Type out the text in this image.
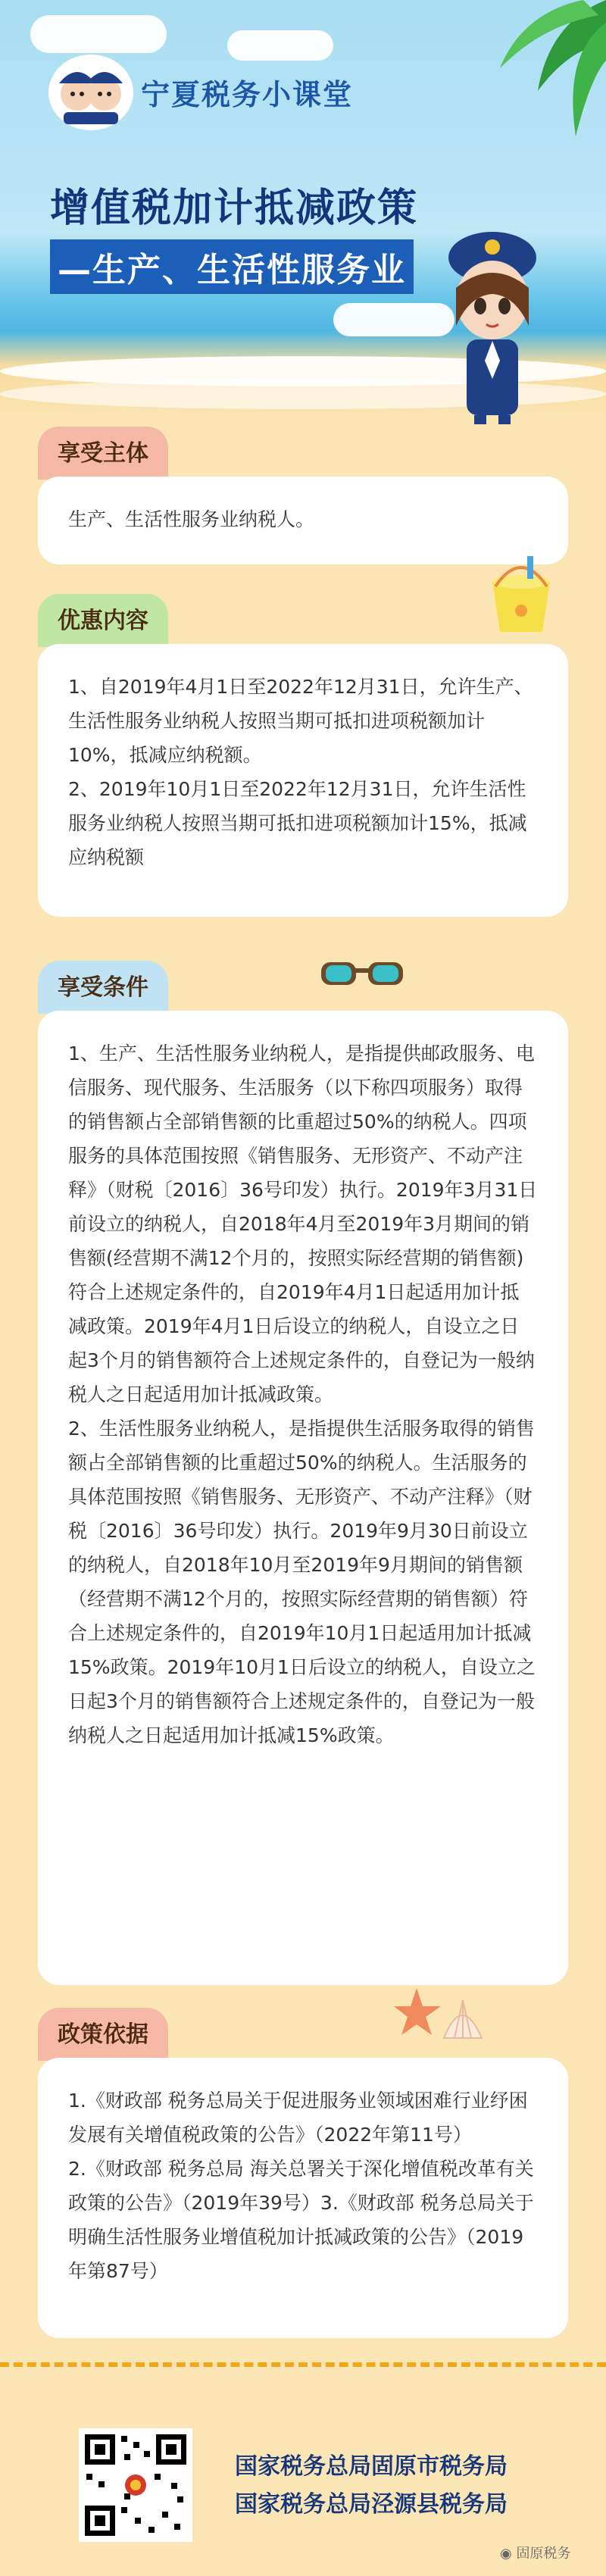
宁夏税务小课堂
增值税加计抵减政策
—生产、生活性服务业
享受主体

生产、生活性服务业纳税人。

优惠内容

1、自2019年4月1日至2022年12月31日，允许生产、生活性服务业纳税人按照当期可抵扣进项税额加计10%，抵减应纳税额。

2、2019年10月1日至2022年12月31日，允许生活性服务业纳税人按照当期可抵扣进项税额加计15%，抵减应纳税额

享受条件

1、生产、生活性服务业纳税人，是指提供邮政服务、电信服务、现代服务、生活服务（以下称四项服务）取得的销售额占全部销售额的比重超过50%的纳税人。四项服务的具体范围按照《销售服务、无形资产、不动产注释》（财税〔2016〕36号印发）执行。2019年3月31日前设立的纳税人，自2018年4月至2019年3月期间的销售额(经营期不满12个月的，按照实际经营期的销售额)符合上述规定条件的，自2019年4月1日起适用加计抵减政策。2019年4月1日后设立的纳税人，自设立之日起3个月的销售额符合上述规定条件的，自登记为一般纳税人之日起适用加计抵减政策。

2、生活性服务业纳税人，是指提供生活服务取得的销售额占全部销售额的比重超过50%的纳税人。生活服务的具体范围按照《销售服务、无形资产、不动产注释》（财税〔2016〕36号印发）执行。2019年9月30日前设立的纳税人，自2018年10月至2019年9月期间的销售额（经营期不满12个月的，按照实际经营期的销售额）符合上述规定条件的，自2019年10月1日起适用加计抵减15%政策。2019年10月1日后设立的纳税人，自设立之日起3个月的销售额符合上述规定条件的，自登记为一般纳税人之日起适用加计抵减15%政策。

政策依据

1.《财政部 税务总局关于促进服务业领域困难行业纾困发展有关增值税政策的公告》（2022年第11号）

2.《财政部 税务总局 海关总署关于深化增值税改革有关政策的公告》（2019年39号）3.《财政部 税务总局关于明确生活性服务业增值税加计抵减政策的公告》（2019年第87号）

国家税务总局固原市税务局
国家税务总局泾源县税务局
◉ 固原税务
